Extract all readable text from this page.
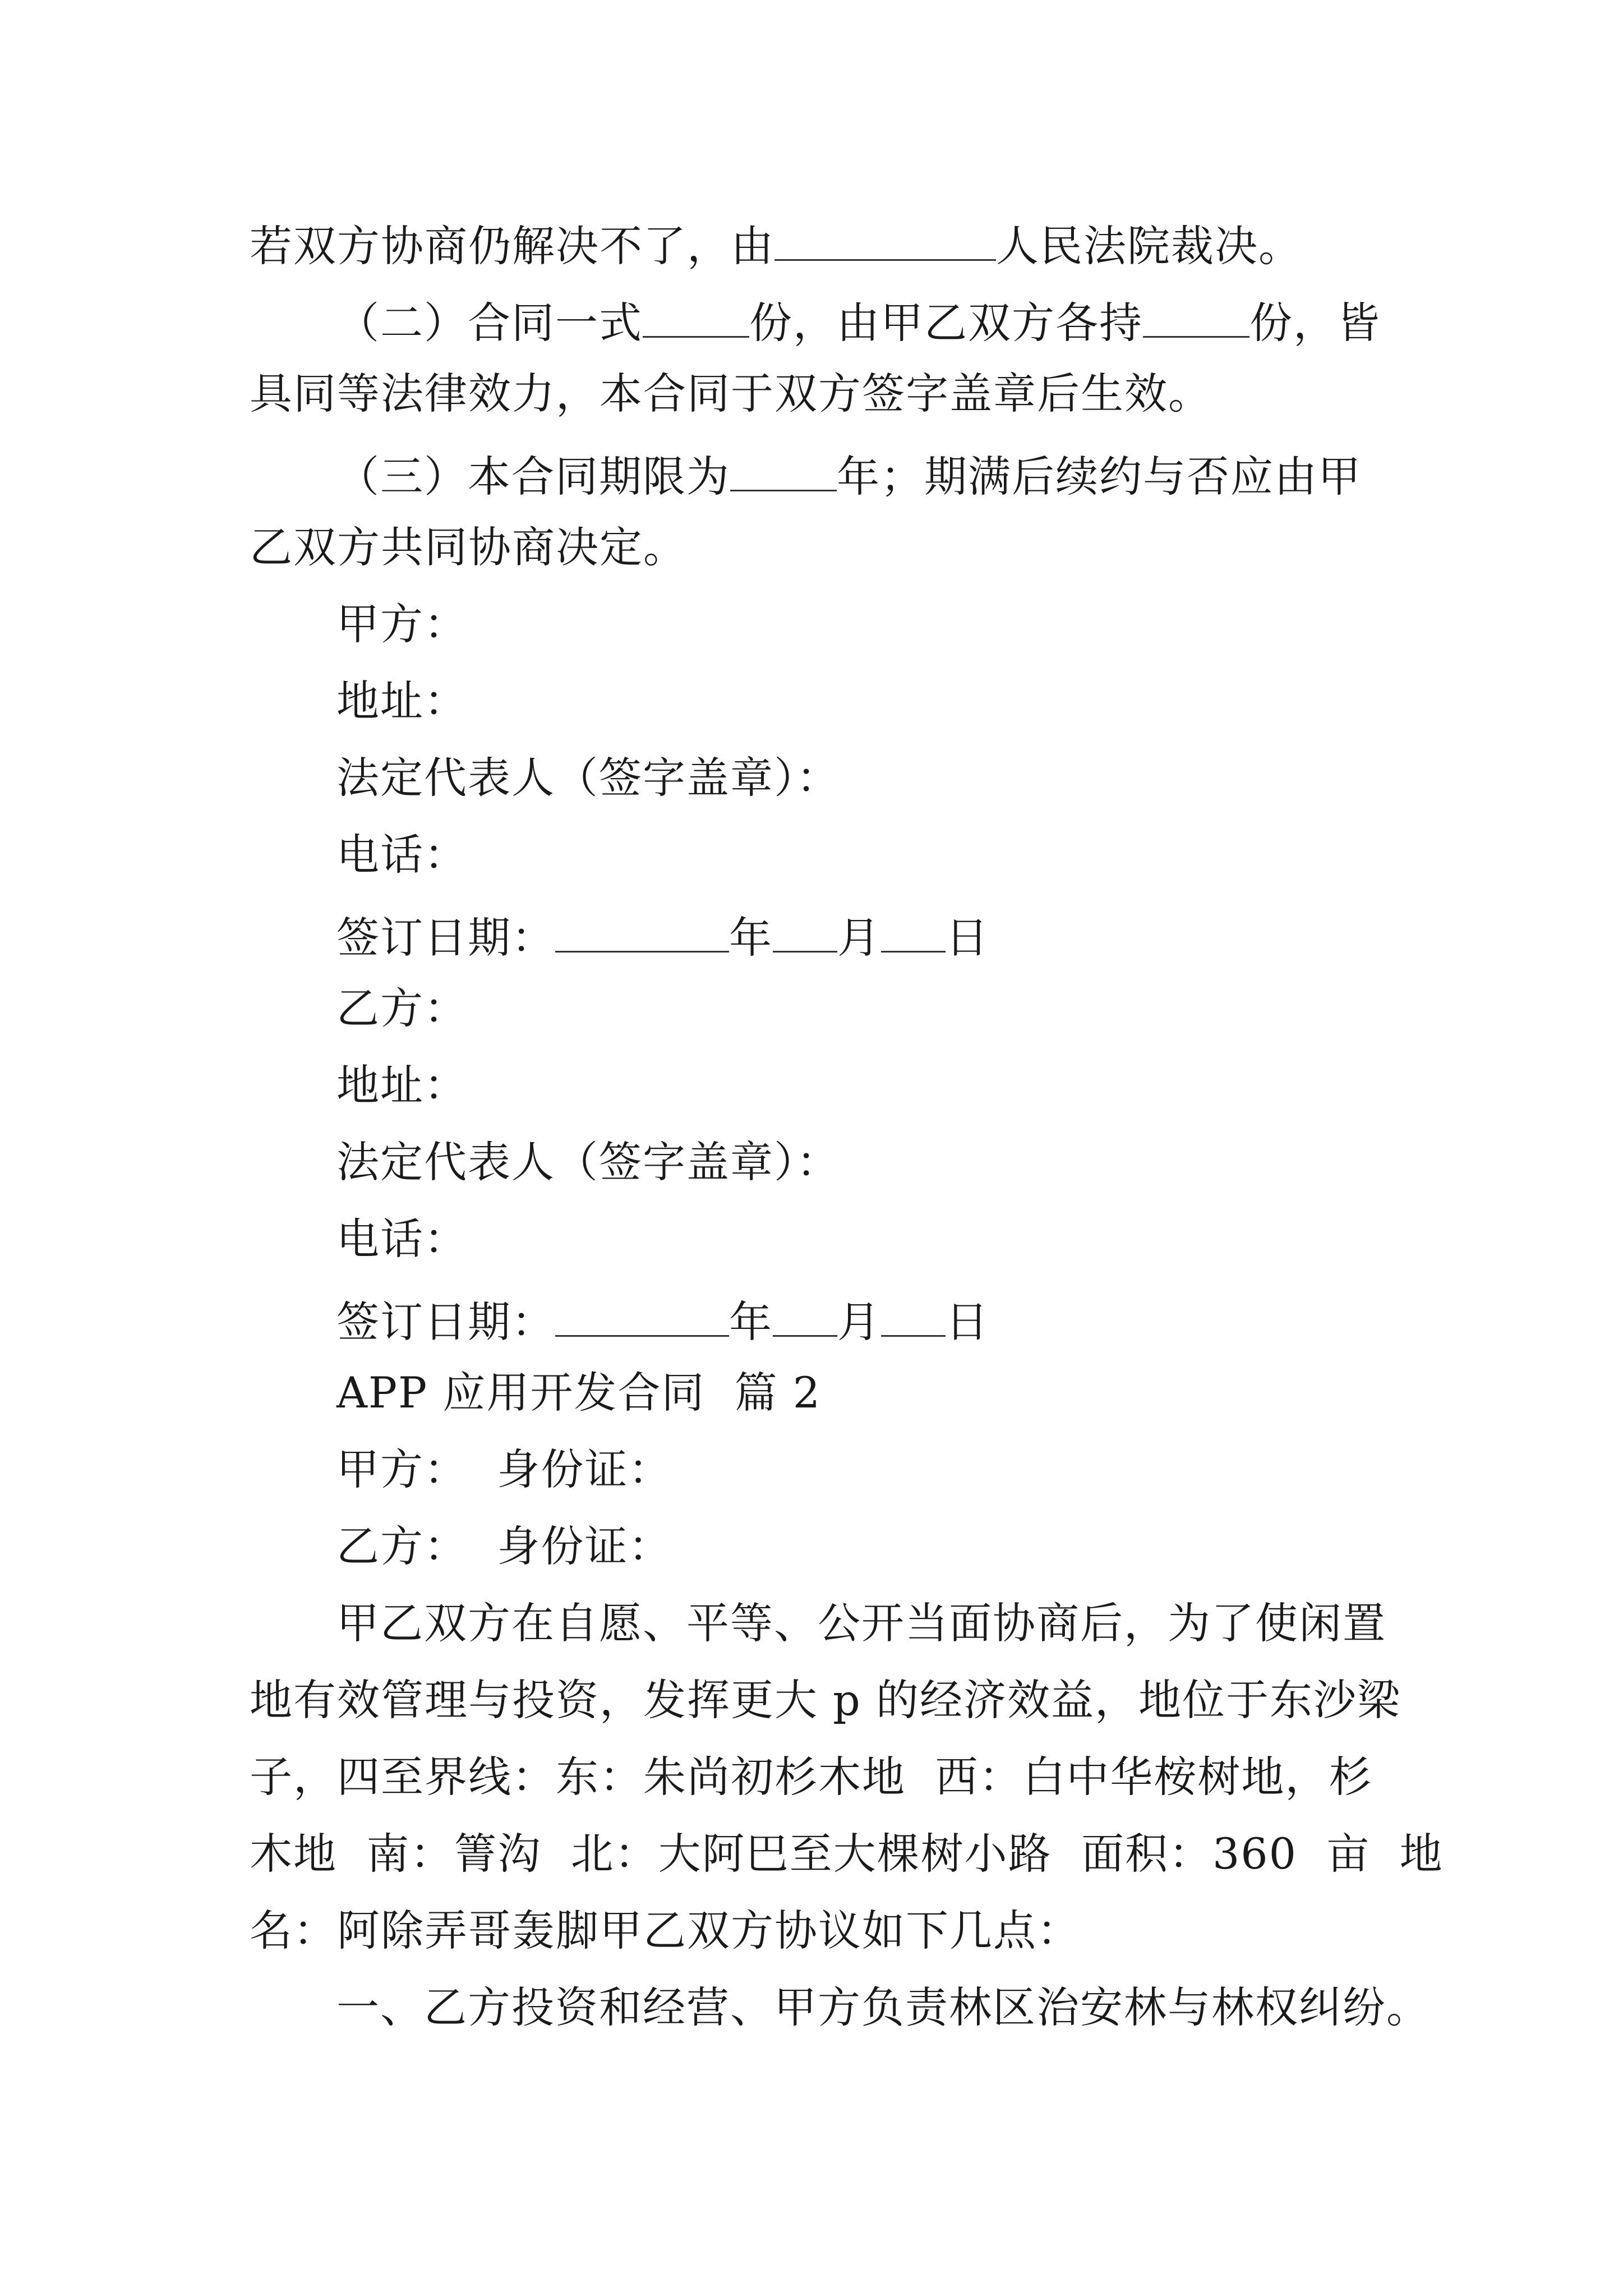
若双方协商仍解决不了，由	人民法院裁决。
（二）合同一式	份，由甲乙双方各持	份，皆
具同等法律效力，本合同于双方签字盖章后生效。
（三）本合同期限为	年；期满后续约与否应由甲
乙双方共同协商决定。
甲方：
地址：
法定代表人（签字盖章）：
电话：
签订日期：	年 月 日
乙方：
地址：
法定代表人（签字盖章）：
电话：
签订日期：	年 月 日
APP 应用开发合同  篇 2
甲方：  身份证：
乙方：  身份证：
甲乙双方在自愿、平等、公开当面协商后，为了使闲置
地有效管理与投资，发挥更大 p 的经济效益，地位于东沙梁
子，四至界线：东：朱尚初杉木地  西：白中华桉树地，杉
木地  南：箐沟  北：大阿巴至大棵树小路  面积：360  亩  地
名：阿除弄哥轰脚甲乙双方协议如下几点：
一、乙方投资和经营、甲方负责林区治安林与林权纠纷。
